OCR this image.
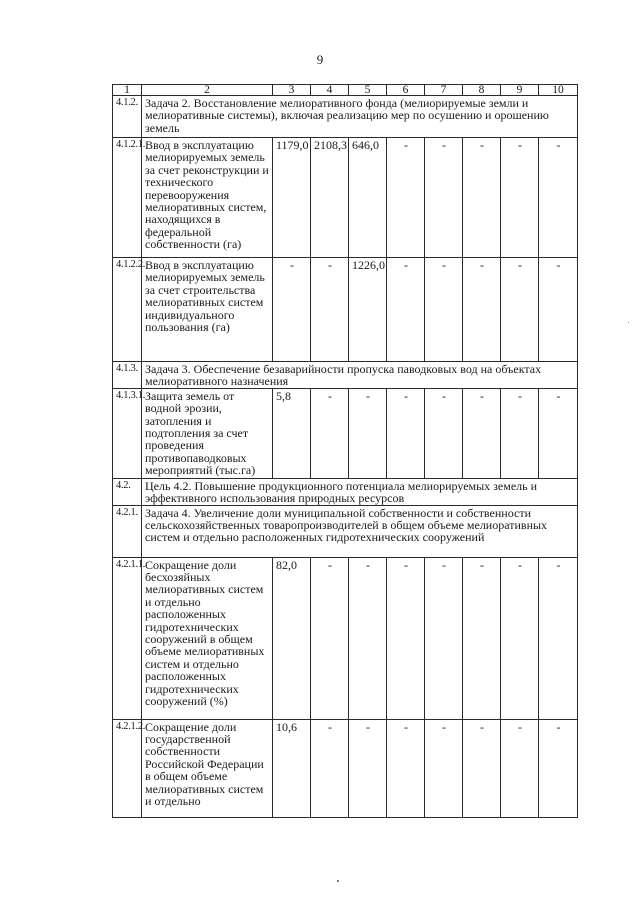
9
1	2	3	4	5	6	7	8	9	10
4.1.2.	Задача 2. Восстановление мелиоративного фонда (мелиорируемые земли и мелиоративные системы), включая реализацию мер по осушению и орошению земель								
4.1.2.1.	Ввод в эксплуатацию мелиорируемых земель за счет реконструкции и технического перевооружения мелиоративных систем, находящихся в федеральной собственности (га)	1179,0	2108,3	646,0	-	-	-	-	-
4.1.2.2.	Ввод в эксплуатацию мелиорируемых земель за счет строительства мелиоративных систем индивидуального пользования (га)	-	-	1226,0	-	-	-	-	-
4.1.3.	Задача 3. Обеспечение безаварийности пропуска паводковых вод на объектах мелиоративного назначения								
4.1.3.1.	Защита земель от водной эрозии, затопления и подтопления за счет проведения противопаводковых мероприятий (тыс.га)	5,8	-	-	-	-	-	-	-
4.2.	Цель 4.2. Повышение продукционного потенциала мелиорируемых земель и эффективного использования природных ресурсов								
4.2.1.	Задача 4. Увеличение доли муниципальной собственности и собственности сельскохозяйственных товаропроизводителей в общем объеме мелиоративных систем и отдельно расположенных гидротехнических сооружений								
4.2.1.1.	Сокращение доли бесхозяйных мелиоративных систем и отдельно расположенных гидротехнических сооружений в общем объеме мелиоративных систем и отдельно расположенных гидротехнических сооружений (%)	82,0	-	-	-	-	-	-	-
4.2.1.2.	Сокращение доли государственной собственности Российской Федерации в общем объеме мелиоративных систем и отдельно	10,6	-	-	-	-	-	-	-
